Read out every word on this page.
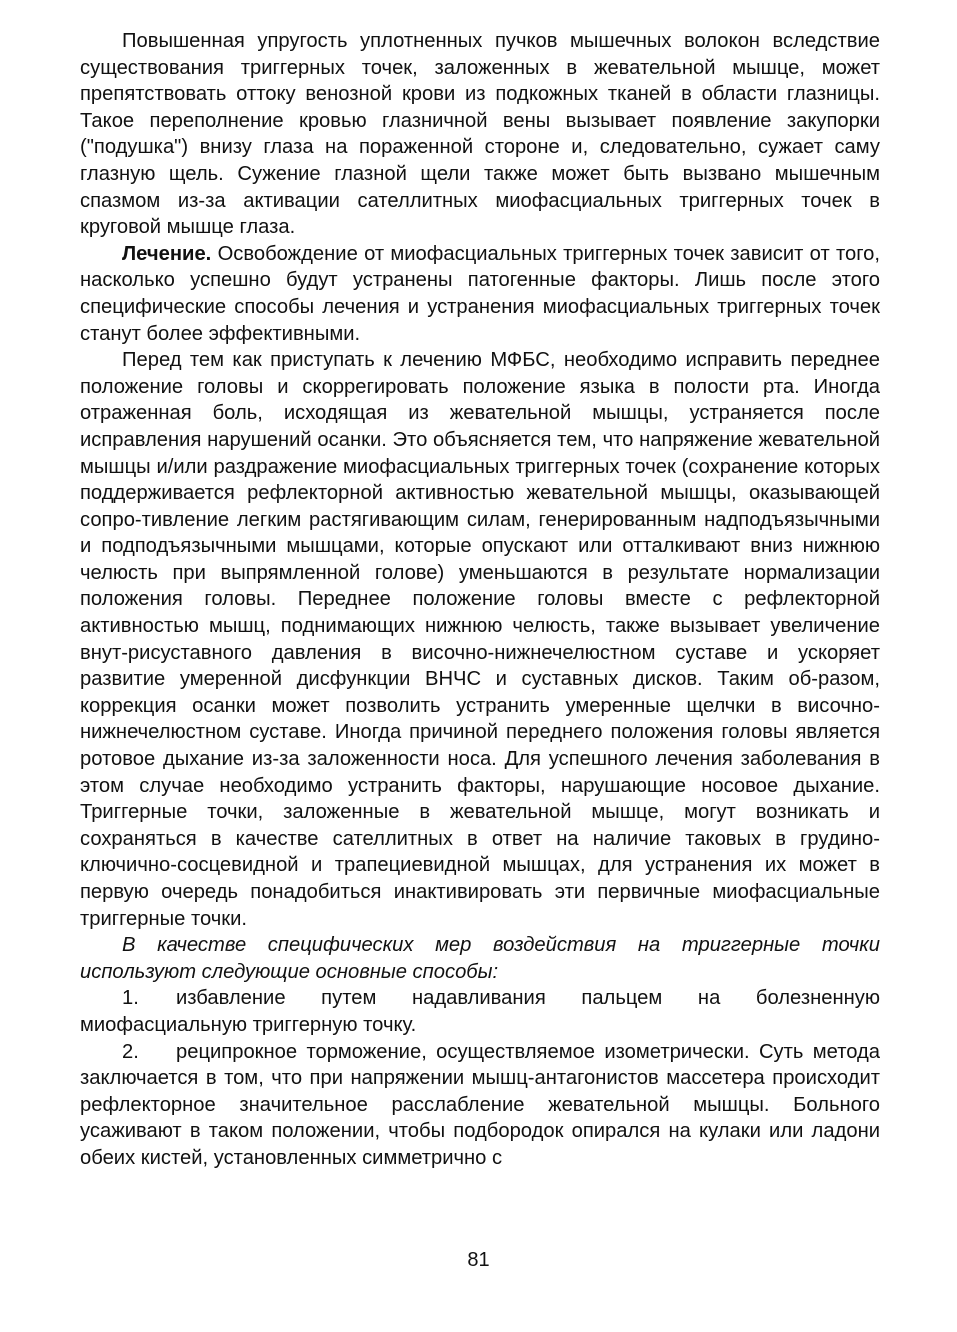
Повышенная упругость уплотненных пучков мышечных волокон вследствие существования триггерных точек, заложенных в жевательной мышце, может препятствовать оттоку венозной крови из подкожных тканей в области глазницы. Такое переполнение кровью глазничной вены вызывает появление закупорки ("подушка") внизу глаза на пораженной стороне и, следовательно, сужает саму глазную щель. Сужение глазной щели также может быть вызвано мышечным спазмом из-за активации сателлитных миофасциальных триггерных точек в круговой мышце глаза.

Лечение. Освобождение от миофасциальных триггерных точек зависит от того, насколько успешно будут устранены патогенные факторы. Лишь после этого специфические способы лечения и устранения миофасциальных триггерных точек станут более эффективными.

Перед тем как приступать к лечению МФБС, необходимо исправить переднее положение головы и скоррегировать положение языка в полости рта. Иногда отраженная боль, исходящая из жевательной мышцы, устраняется после исправления нарушений осанки. Это объясняется тем, что напряжение жевательной мышцы и/или раздражение миофасциальных триггерных точек (сохранение которых поддерживается рефлекторной активностью жевательной мышцы, оказывающей сопро-тивление легким растягивающим силам, генерированным надподъязычными и подподъязычными мышцами, которые опускают или отталкивают вниз нижнюю челюсть при выпрямленной голове) уменьшаются в результате нормализации положения головы. Переднее положение головы вместе с рефлекторной активностью мышц, поднимающих нижнюю челюсть, также вызывает увеличение внут-рисуставного давления в височно-нижнечелюстном суставе и ускоряет развитие умеренной дисфункции ВНЧС и суставных дисков. Таким об-разом, коррекция осанки может позволить устранить умеренные щелчки в височно-нижнечелюстном суставе. Иногда причиной переднего положения головы является ротовое дыхание из-за заложенности носа. Для успешного лечения заболевания в этом случае необходимо устранить факторы, нарушающие носовое дыхание. Триггерные точки, заложенные в жевательной мышце, могут возникать и сохраняться в качестве сателлитных в ответ на наличие таковых в грудино-ключично-сосцевидной и трапециевидной мышцах, для устранения их может в первую очередь понадобиться инактивировать эти первичные миофасциальные триггерные точки.

В качестве специфических мер воздействия на триггерные точки используют следующие основные способы:

1. избавление путем надавливания пальцем на болезненную миофасциальную триггерную точку.

2. реципрокное торможение, осуществляемое изометрически. Суть метода заключается в том, что при напряжении мышц-антагонистов массетера происходит рефлекторное значительное расслабление жевательной мышцы. Больного усаживают в таком положении, чтобы подбородок опирался на кулаки или ладони обеих кистей, установленных симметрично с

81
